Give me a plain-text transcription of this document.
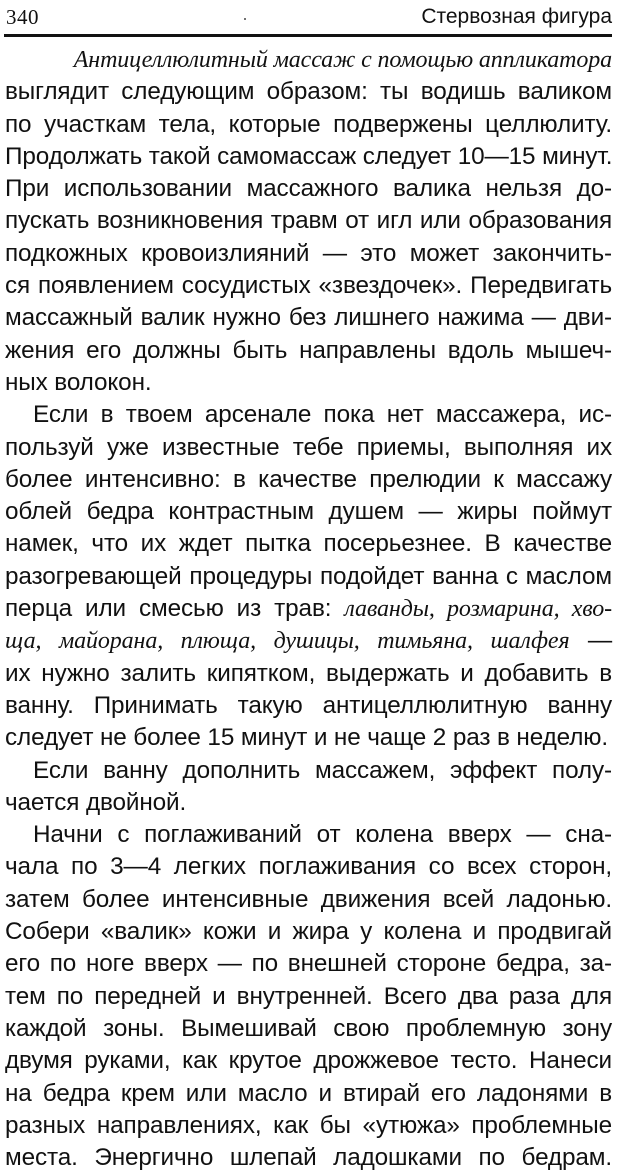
340	Стервозная фигура
Антицеллюлитный массаж с помощью аппликатора
выглядит следующим образом: ты водишь валиком
по участкам тела, которые подвержены целлюлиту.
Продолжать такой самомассаж следует 10—15 минут.
При использовании массажного валика нельзя до-
пускать возникновения травм от игл или образования
подкожных кровоизлияний — это может закончить-
ся появлением сосудистых «звездочек». Передвигать
массажный валик нужно без лишнего нажима — дви-
жения его должны быть направлены вдоль мышеч-
ных волокон.
Если в твоем арсенале пока нет массажера, ис-
пользуй уже известные тебе приемы, выполняя их
более интенсивно: в качестве прелюдии к массажу
облей бедра контрастным душем — жиры поймут
намек, что их ждет пытка посерьезнее. В качестве
разогревающей процедуры подойдет ванна с маслом
перца или смесью из трав: лаванды, розмарина, хво-
ща, майорана, плюща, душицы, тимьяна, шалфея —
их нужно залить кипятком, выдержать и добавить в
ванну. Принимать такую антицеллюлитную ванну
следует не более 15 минут и не чаще 2 раз в неделю.
Если ванну дополнить массажем, эффект полу-
чается двойной.
Начни с поглаживаний от колена вверх — сна-
чала по 3—4 легких поглаживания со всех сторон,
затем более интенсивные движения всей ладонью.
Собери «валик» кожи и жира у колена и продвигай
его по ноге вверх — по внешней стороне бедра, за-
тем по передней и внутренней. Всего два раза для
каждой зоны. Вымешивай свою проблемную зону
двумя руками, как крутое дрожжевое тесто. Нанеси
на бедра крем или масло и втирай его ладонями в
разных направлениях, как бы «утюжа» проблемные
места. Энергично шлепай ладошками по бедрам.
